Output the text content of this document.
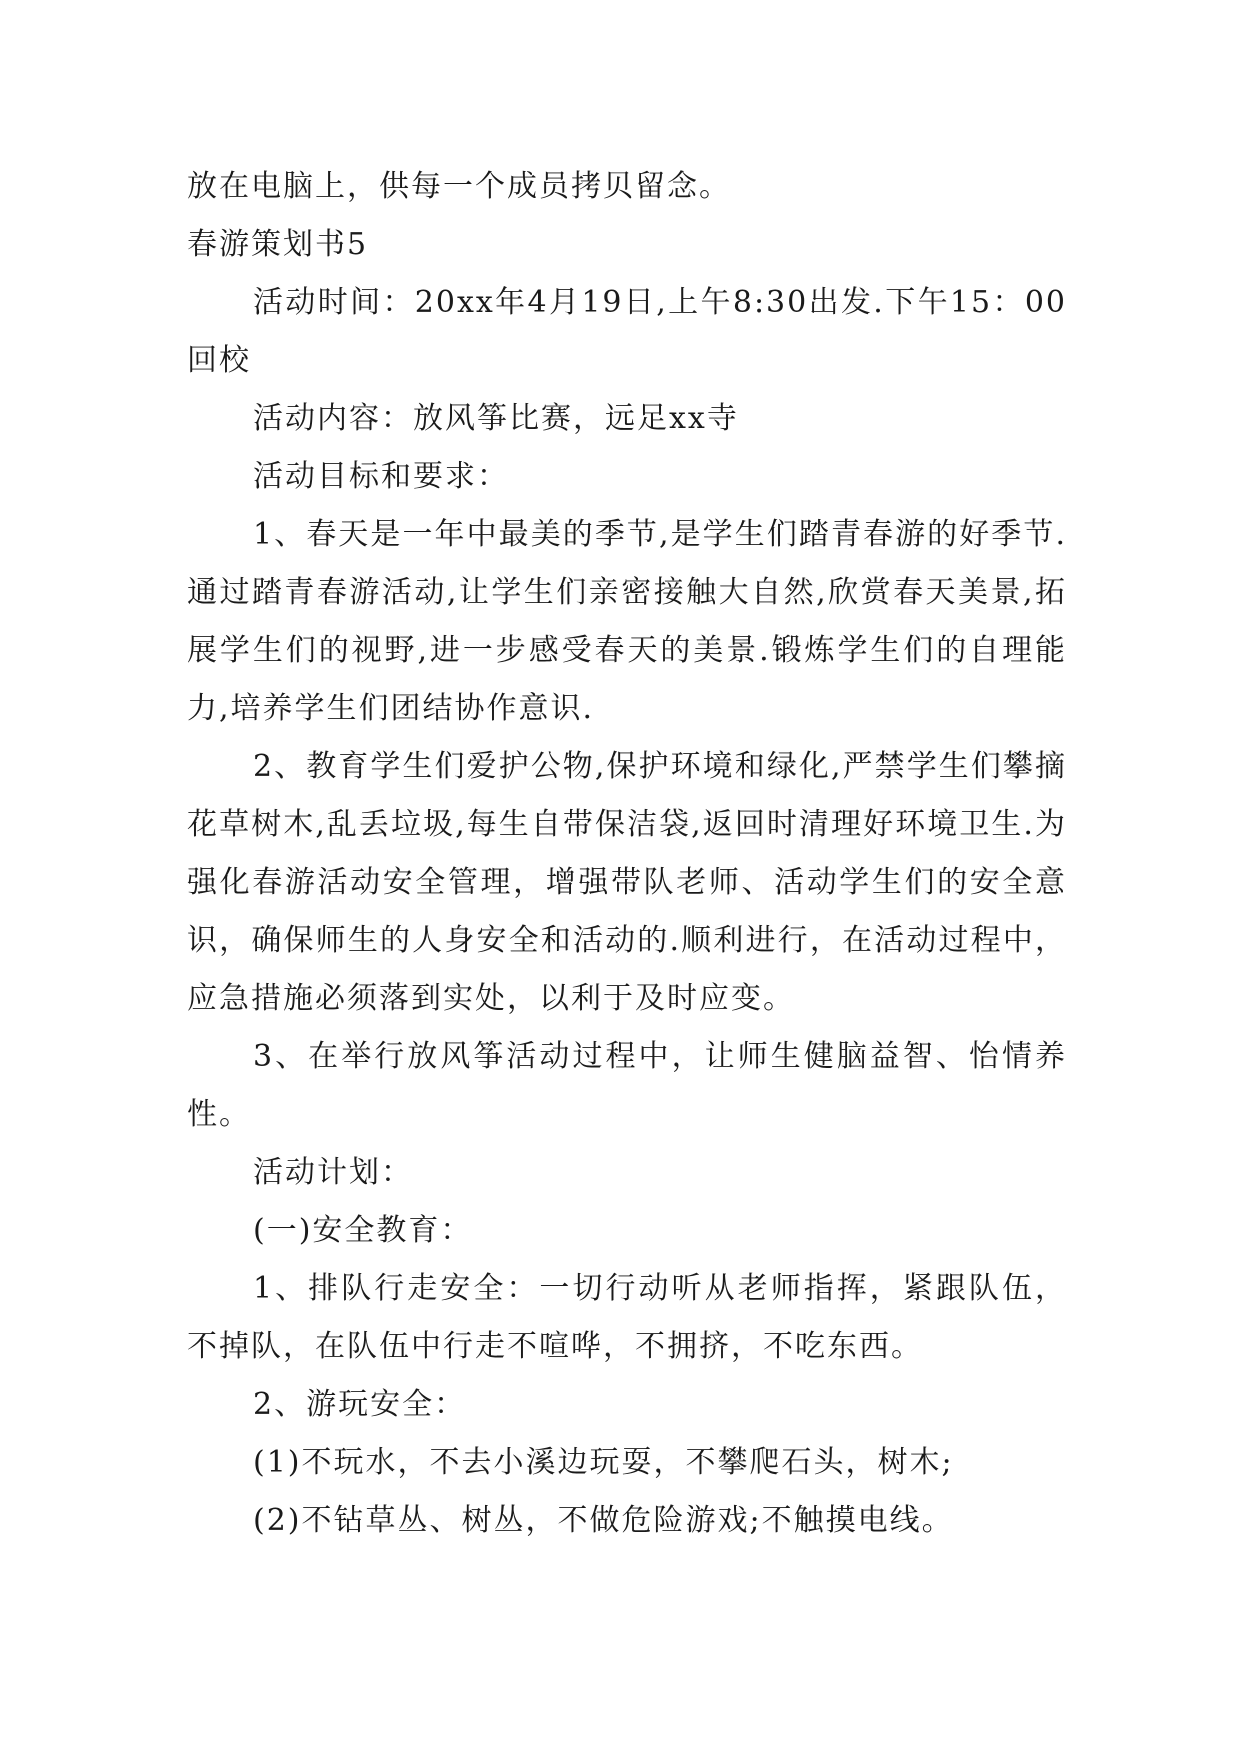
放在电脑上，供每一个成员拷贝留念。

春游策划书5

活动时间：20xx年4月19日,上午8:30出发.下午15：00回校

活动内容：放风筝比赛，远足xx寺

活动目标和要求：

1、春天是一年中最美的季节,是学生们踏青春游的好季节.通过踏青春游活动,让学生们亲密接触大自然,欣赏春天美景,拓展学生们的视野,进一步感受春天的美景.锻炼学生们的自理能力,培养学生们团结协作意识.

2、教育学生们爱护公物,保护环境和绿化,严禁学生们攀摘花草树木,乱丢垃圾,每生自带保洁袋,返回时清理好环境卫生.为强化春游活动安全管理，增强带队老师、活动学生们的安全意识，确保师生的人身安全和活动的.顺利进行，在活动过程中，应急措施必须落到实处，以利于及时应变。

3、在举行放风筝活动过程中，让师生健脑益智、怡情养性。

活动计划：

(一)安全教育：

1、排队行走安全：一切行动听从老师指挥，紧跟队伍，不掉队，在队伍中行走不喧哗，不拥挤，不吃东西。

2、游玩安全：

(1)不玩水，不去小溪边玩耍，不攀爬石头，树木;

(2)不钻草丛、树丛，不做危险游戏;不触摸电线。
